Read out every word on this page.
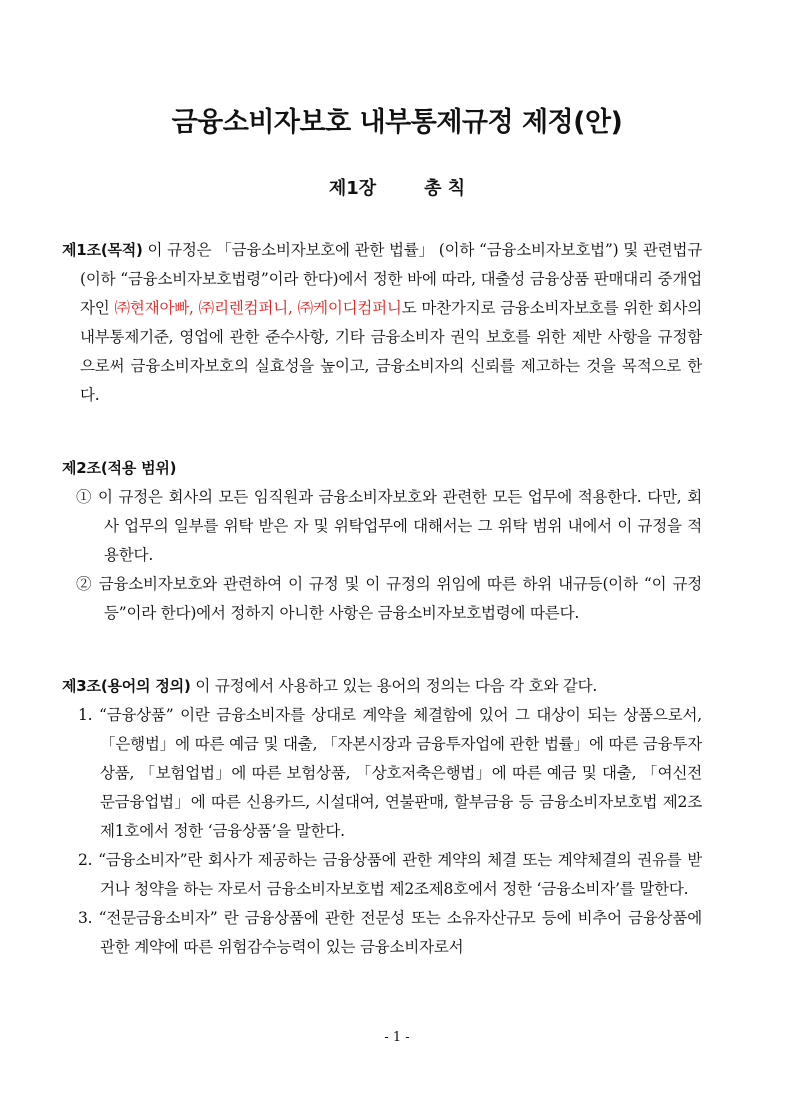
금융소비자보호 내부통제규정 제정(안)
제1장	총 칙

제1조(목적) 이 규정은 「금융소비자보호에 관한 법률」 (이하 “금융소비자보호법”) 및 관련법규(이하 “금융소비자보호법령”이라 한다)에서 정한 바에 따라, 대출성 금융상품 판매대리 중개업자인 ㈜현재아빠, ㈜리렌컴퍼니, ㈜케이디컴퍼니도 마찬가지로 금융소비자보호를 위한 회사의 내부통제기준, 영업에 관한 준수사항, 기타 금융소비자 권익 보호를 위한 제반 사항을 규정함으로써 금융소비자보호의 실효성을 높이고, 금융소비자의 신뢰를 제고하는 것을 목적으로 한다.

제2조(적용 범위)

① 이 규정은 회사의 모든 임직원과 금융소비자보호와 관련한 모든 업무에 적용한다. 다만, 회사 업무의 일부를 위탁 받은 자 및 위탁업무에 대해서는 그 위탁 범위 내에서 이 규정을 적용한다.

② 금융소비자보호와 관련하여 이 규정 및 이 규정의 위임에 따른 하위 내규등(이하 “이 규정등”이라 한다)에서 정하지 아니한 사항은 금융소비자보호법령에 따른다.

제3조(용어의 정의) 이 규정에서 사용하고 있는 용어의 정의는 다음 각 호와 같다.

1. “금융상품” 이란 금융소비자를 상대로 계약을 체결함에 있어 그 대상이 되는 상품으로서, 「은행법」에 따른 예금 및 대출, 「자본시장과 금융투자업에 관한 법률」에 따른 금융투자상품, 「보험업법」에 따른 보험상품, 「상호저축은행법」에 따른 예금 및 대출, 「여신전문금융업법」에 따른 신용카드, 시설대여, 연불판매, 할부금융 등 금융소비자보호법 제2조제1호에서 정한 ‘금융상품’을 말한다.

2. “금융소비자”란 회사가 제공하는 금융상품에 관한 계약의 체결 또는 계약체결의 권유를 받거나 청약을 하는 자로서 금융소비자보호법 제2조제8호에서 정한 ‘금융소비자’를 말한다.

3. “전문금융소비자” 란 금융상품에 관한 전문성 또는 소유자산규모 등에 비추어 금융상품에 관한 계약에 따른 위험감수능력이 있는 금융소비자로서

- 1 -
